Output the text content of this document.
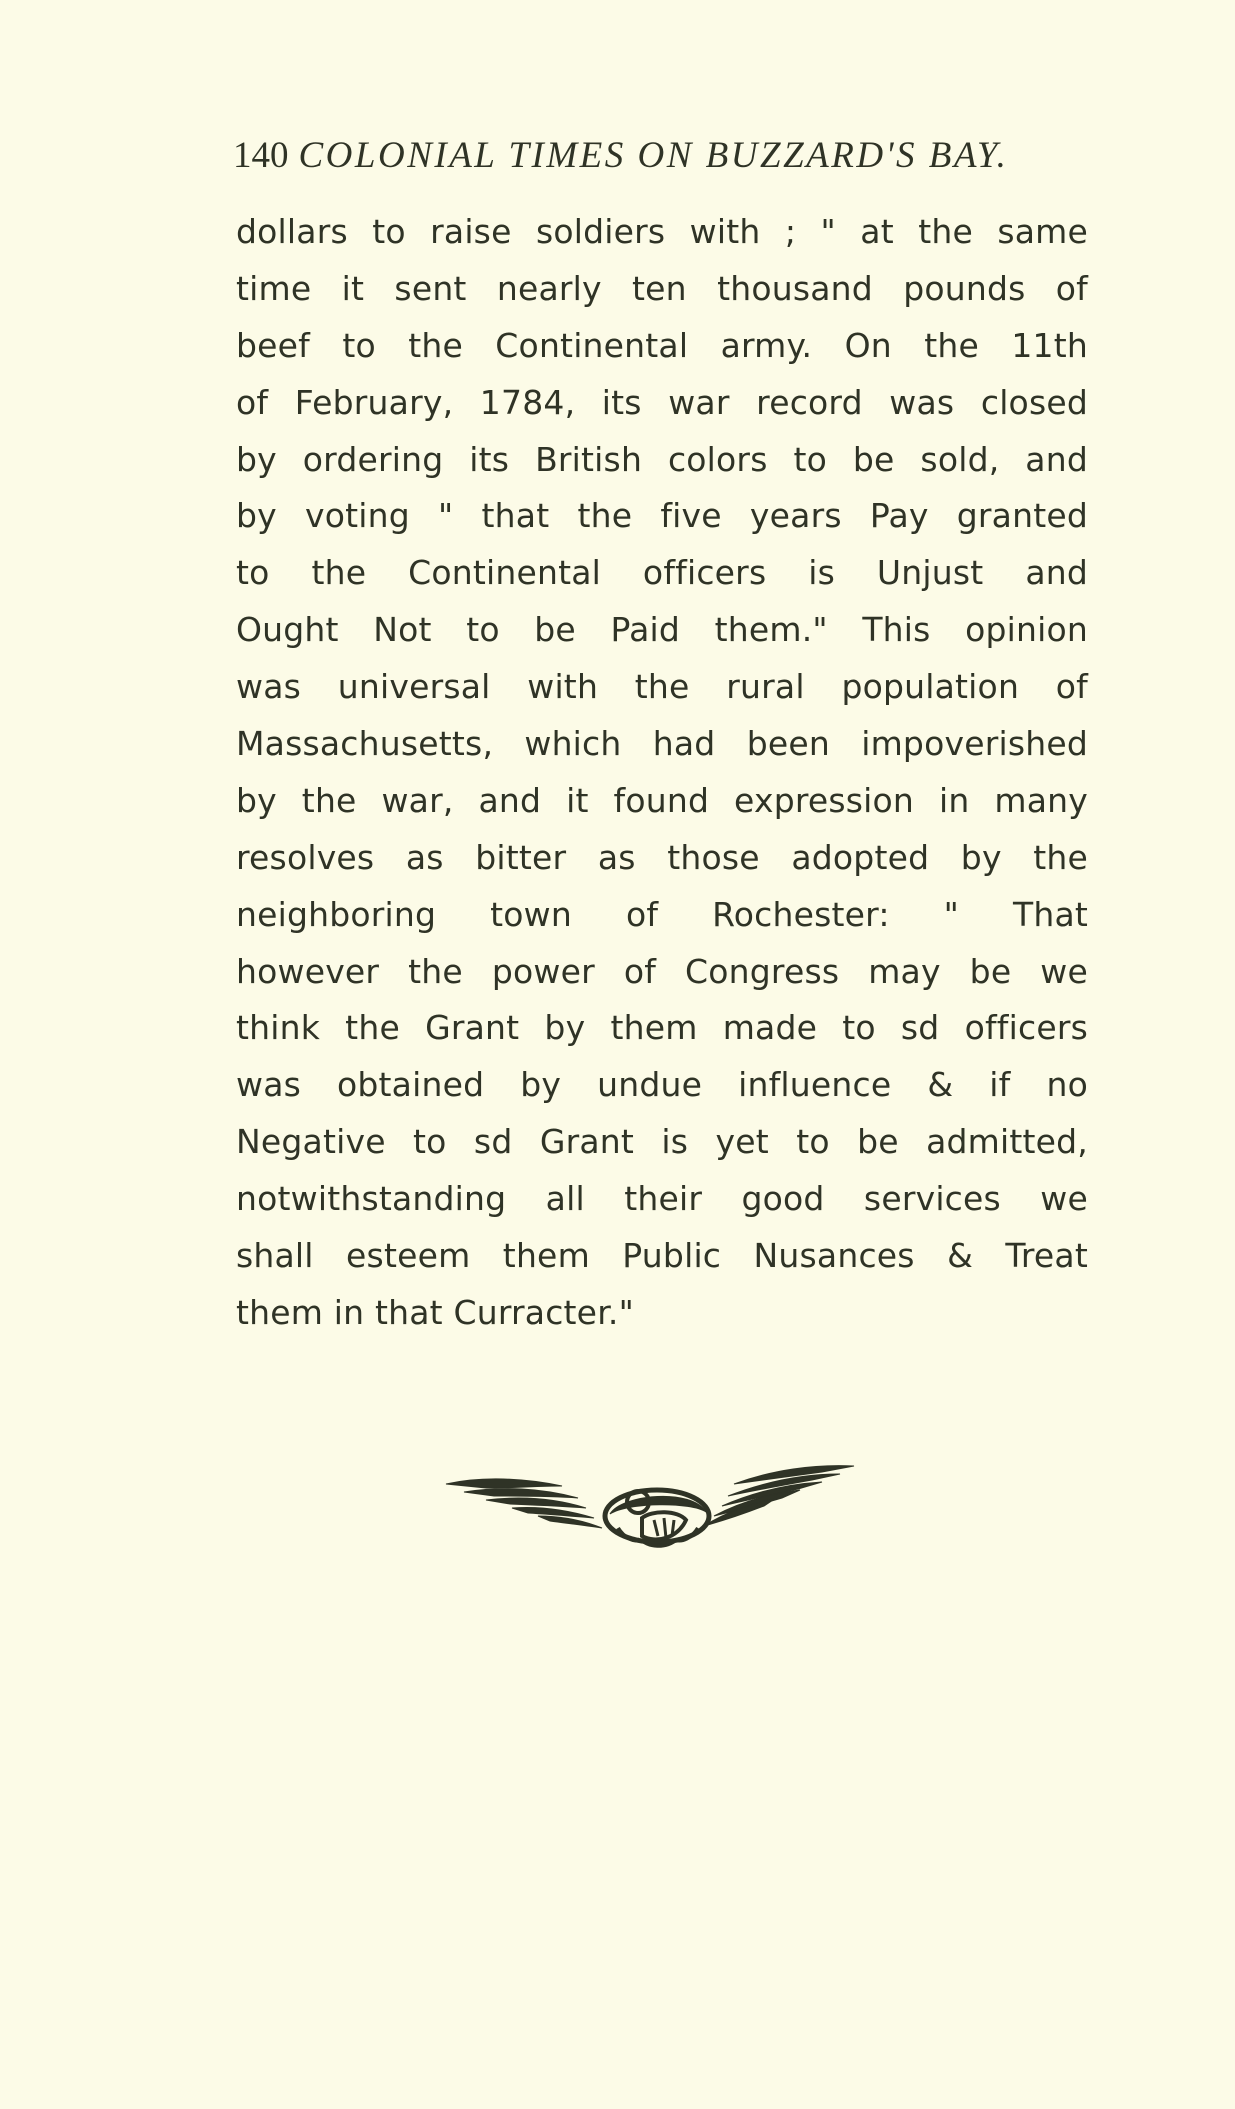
140 COLONIAL TIMES ON BUZZARD'S BAY.
dollars to raise soldiers with ; " at the same
time it sent nearly ten thousand pounds of
beef to the Continental army. On the 11th
of February, 1784, its war record was closed
by ordering its British colors to be sold, and
by voting " that the five years Pay granted
to the Continental officers is Unjust and
Ought Not to be Paid them." This opinion
was universal with the rural population of
Massachusetts, which had been impoverished
by the war, and it found expression in many
resolves as bitter as those adopted by the
neighboring town of Rochester: " That
however the power of Congress may be we
think the Grant by them made to sd officers
was obtained by undue influence & if no
Negative to sd Grant is yet to be admitted,
notwithstanding all their good services we
shall esteem them Public Nusances & Treat
them in that Curracter."
